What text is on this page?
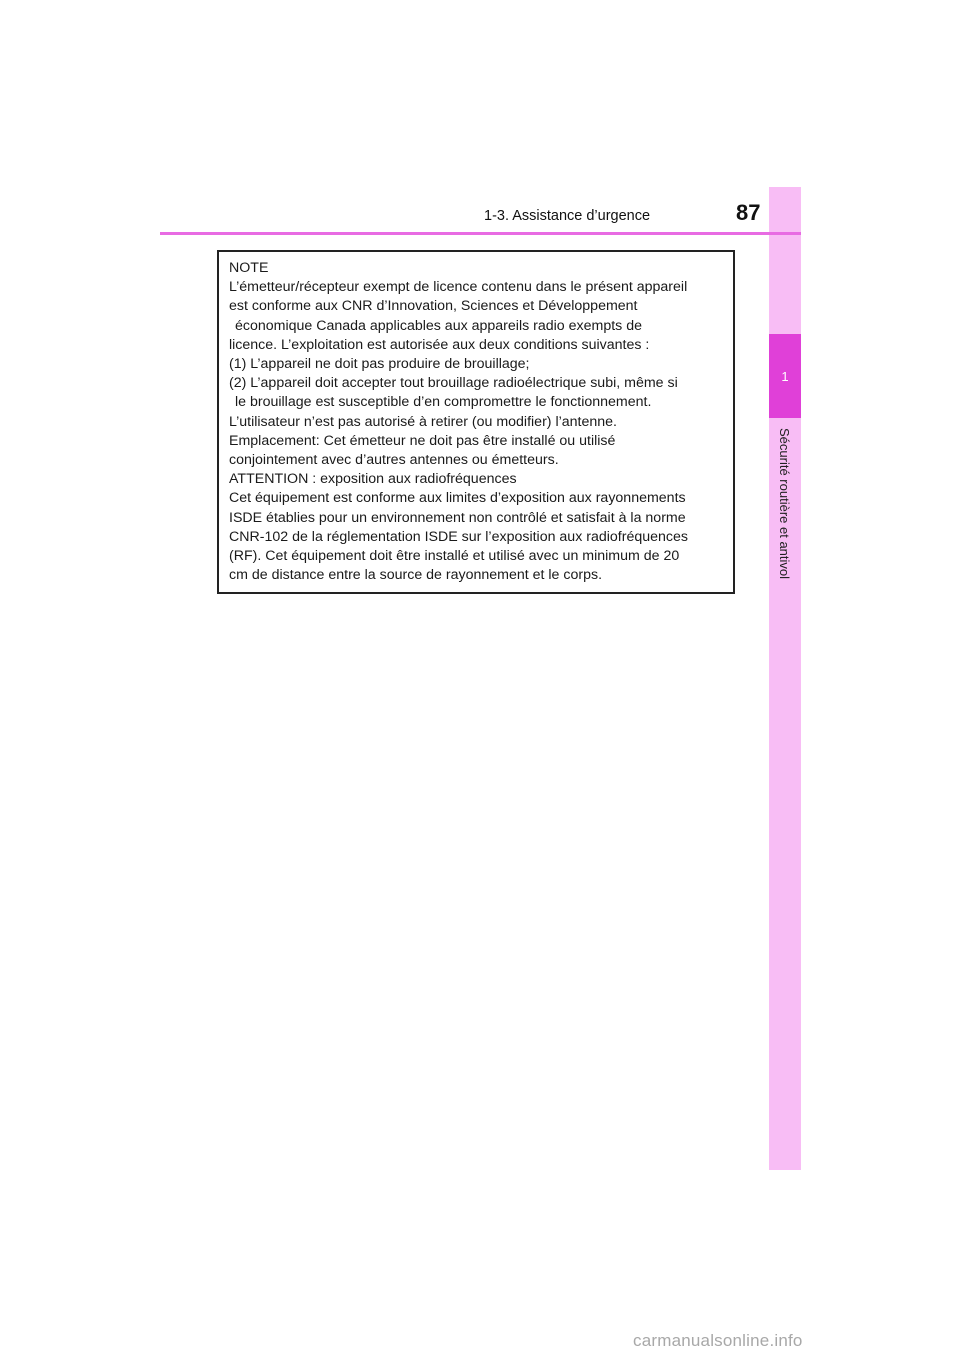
1
Sécurité routière et antivol
1-3. Assistance d’urgence	87
NOTE
L’émetteur/récepteur exempt de licence contenu dans le présent appareil
est conforme aux CNR d’Innovation, Sciences et Développement
économique Canada applicables aux appareils radio exempts de
licence. L’exploitation est autorisée aux deux conditions suivantes :
(1) L’appareil ne doit pas produire de brouillage;
(2) L’appareil doit accepter tout brouillage radioélectrique subi, même si
le brouillage est susceptible d’en compromettre le fonctionnement.
L’utilisateur n’est pas autorisé à retirer (ou modifier) l’antenne.
Emplacement: Cet émetteur ne doit pas être installé ou utilisé
conjointement avec d’autres antennes ou émetteurs.
ATTENTION : exposition aux radiofréquences
Cet équipement est conforme aux limites d’exposition aux rayonnements
ISDE établies pour un environnement non contrôlé et satisfait à la norme
CNR-102 de la réglementation ISDE sur l’exposition aux radiofréquences
(RF). Cet équipement doit être installé et utilisé avec un minimum de 20
cm de distance entre la source de rayonnement et le corps.
carmanualsonline.info
